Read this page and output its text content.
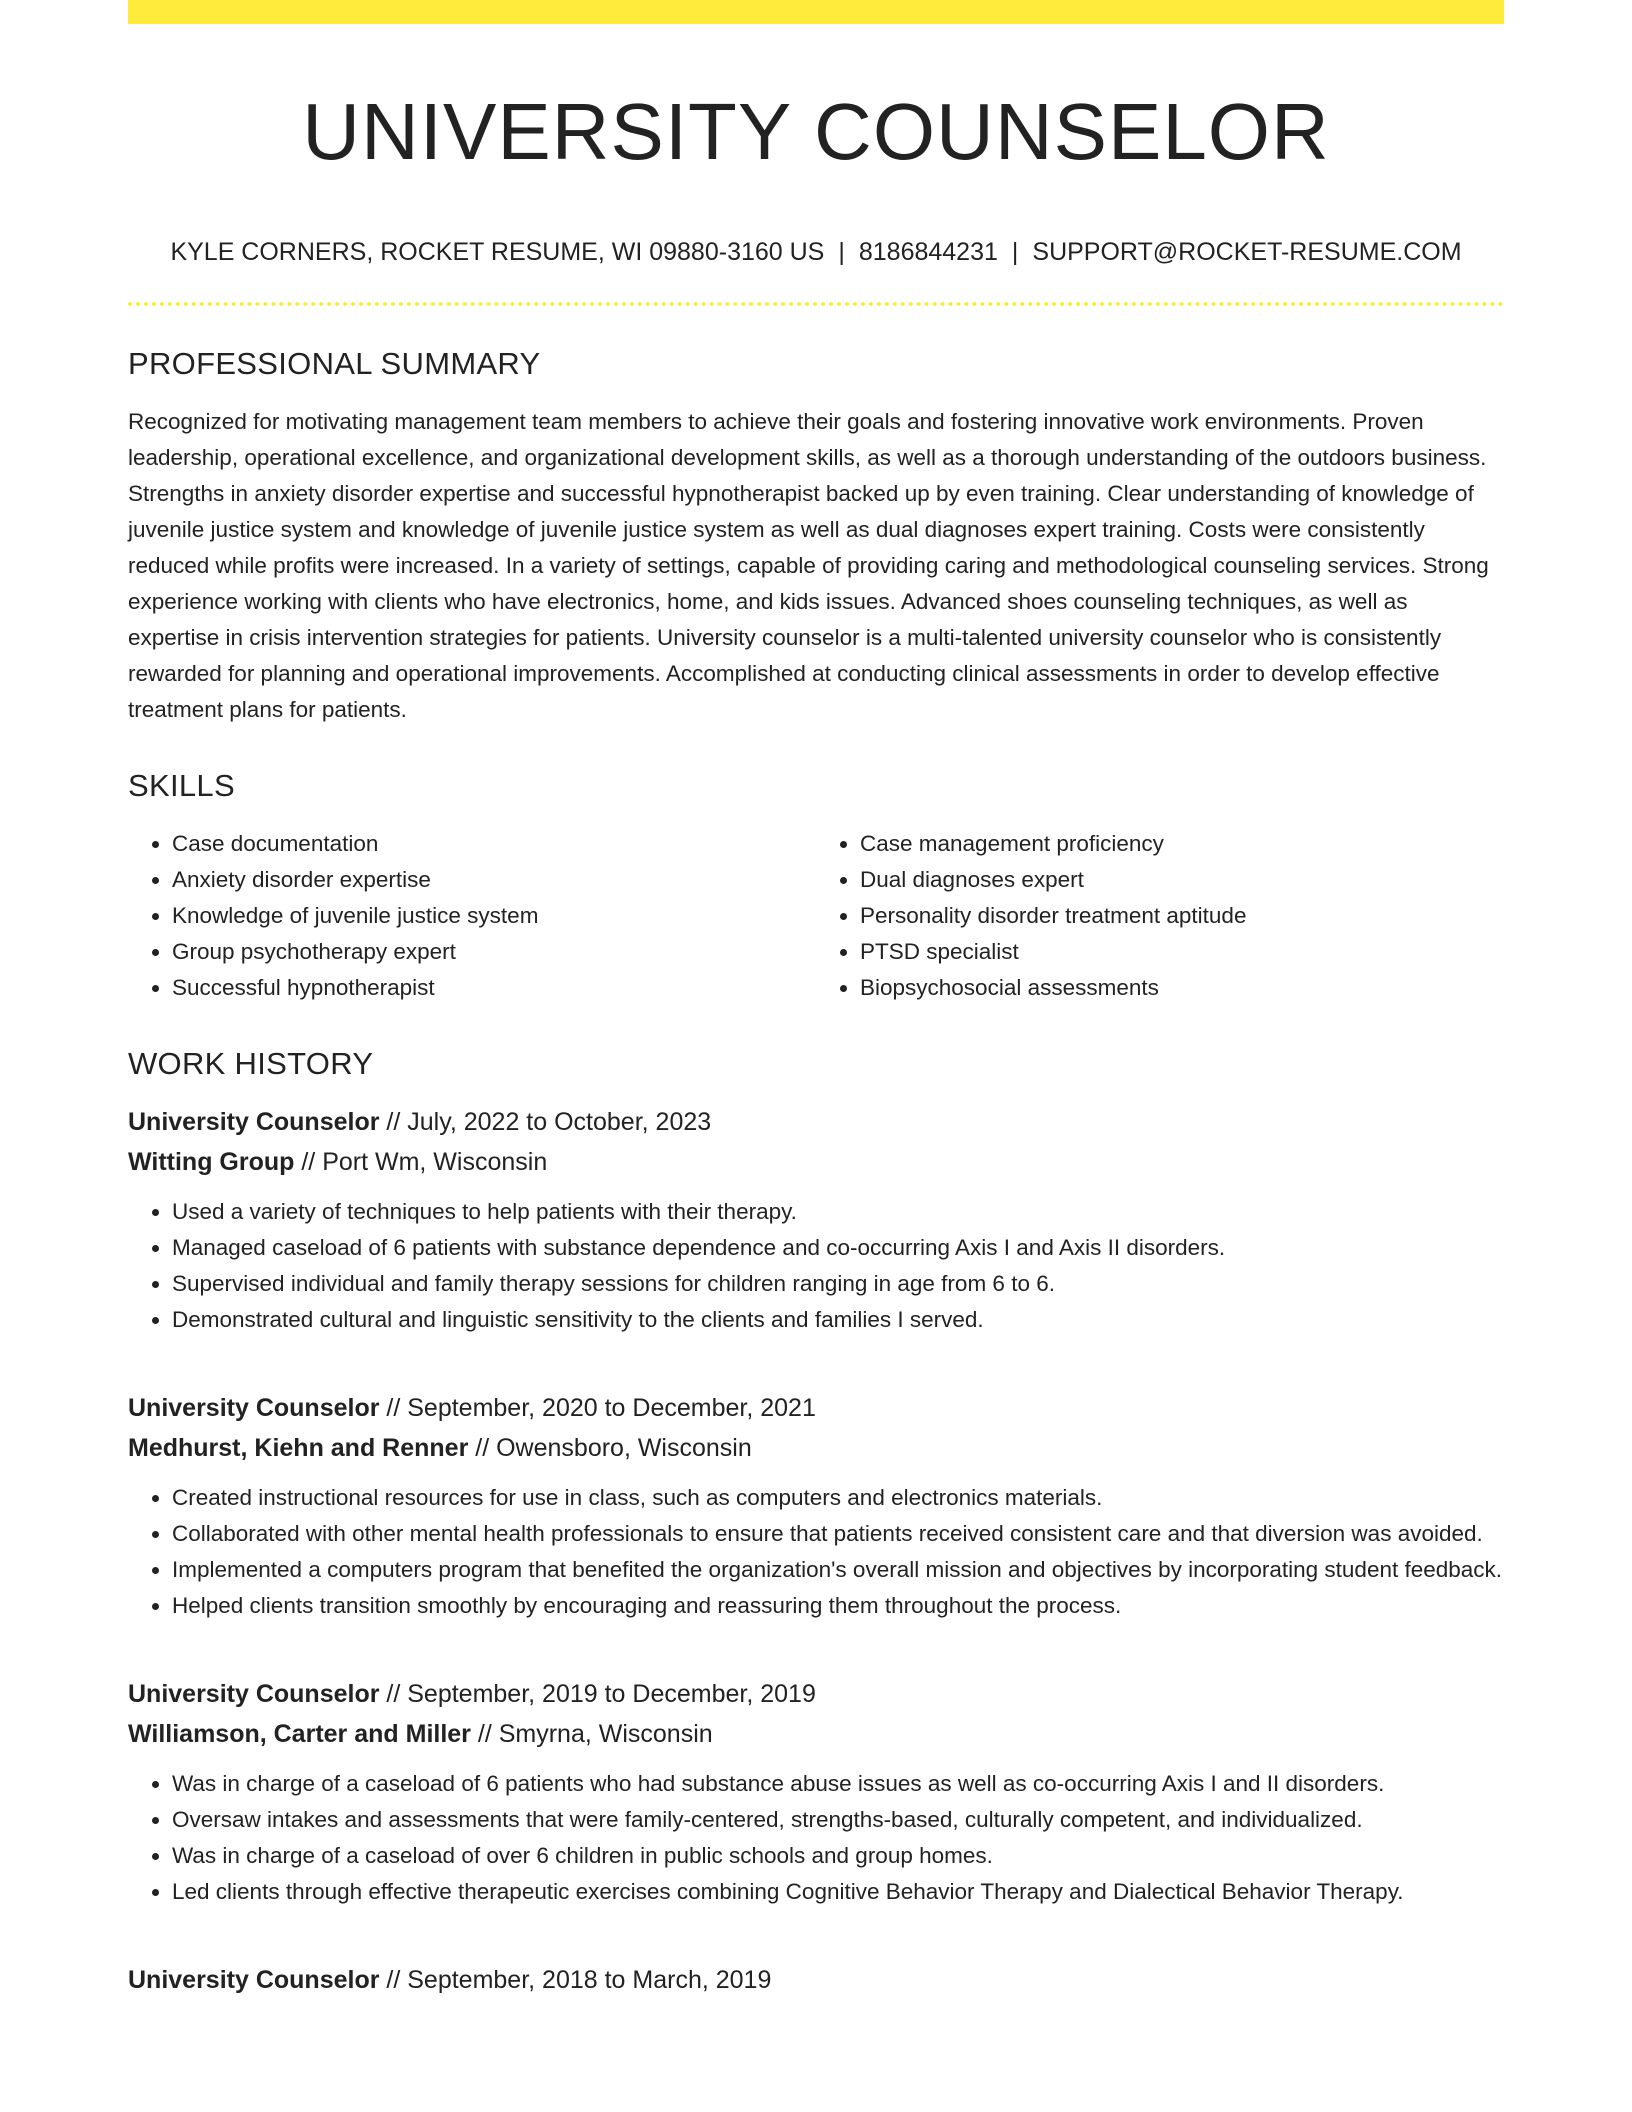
UNIVERSITY COUNSELOR
KYLE CORNERS, ROCKET RESUME, WI 09880-3160 US | 8186844231 | SUPPORT@ROCKET-RESUME.COM
PROFESSIONAL SUMMARY

Recognized for motivating management team members to achieve their goals and fostering innovative work environments. Proven leadership, operational excellence, and organizational development skills, as well as a thorough understanding of the outdoors business. Strengths in anxiety disorder expertise and successful hypnotherapist backed up by even training. Clear understanding of knowledge of juvenile justice system and knowledge of juvenile justice system as well as dual diagnoses expert training. Costs were consistently reduced while profits were increased. In a variety of settings, capable of providing caring and methodological counseling services. Strong experience working with clients who have electronics, home, and kids issues. Advanced shoes counseling techniques, as well as expertise in crisis intervention strategies for patients. University counselor is a multi-talented university counselor who is consistently rewarded for planning and operational improvements. Accomplished at conducting clinical assessments in order to develop effective treatment plans for patients.

SKILLS
• Case documentation
• Anxiety disorder expertise
• Knowledge of juvenile justice system
• Group psychotherapy expert
• Successful hypnotherapist
• Case management proficiency
• Dual diagnoses expert
• Personality disorder treatment aptitude
• PTSD specialist
• Biopsychosocial assessments
WORK HISTORY
University Counselor // July, 2022 to October, 2023
Witting Group // Port Wm, Wisconsin
• Used a variety of techniques to help patients with their therapy.
• Managed caseload of 6 patients with substance dependence and co-occurring Axis I and Axis II disorders.
• Supervised individual and family therapy sessions for children ranging in age from 6 to 6.
• Demonstrated cultural and linguistic sensitivity to the clients and families I served.
University Counselor // September, 2020 to December, 2021
Medhurst, Kiehn and Renner // Owensboro, Wisconsin
• Created instructional resources for use in class, such as computers and electronics materials.
• Collaborated with other mental health professionals to ensure that patients received consistent care and that diversion was avoided.
• Implemented a computers program that benefited the organization's overall mission and objectives by incorporating student feedback.
• Helped clients transition smoothly by encouraging and reassuring them throughout the process.
University Counselor // September, 2019 to December, 2019
Williamson, Carter and Miller // Smyrna, Wisconsin
• Was in charge of a caseload of 6 patients who had substance abuse issues as well as co-occurring Axis I and II disorders.
• Oversaw intakes and assessments that were family-centered, strengths-based, culturally competent, and individualized.
• Was in charge of a caseload of over 6 children in public schools and group homes.
• Led clients through effective therapeutic exercises combining Cognitive Behavior Therapy and Dialectical Behavior Therapy.
University Counselor // September, 2018 to March, 2019
